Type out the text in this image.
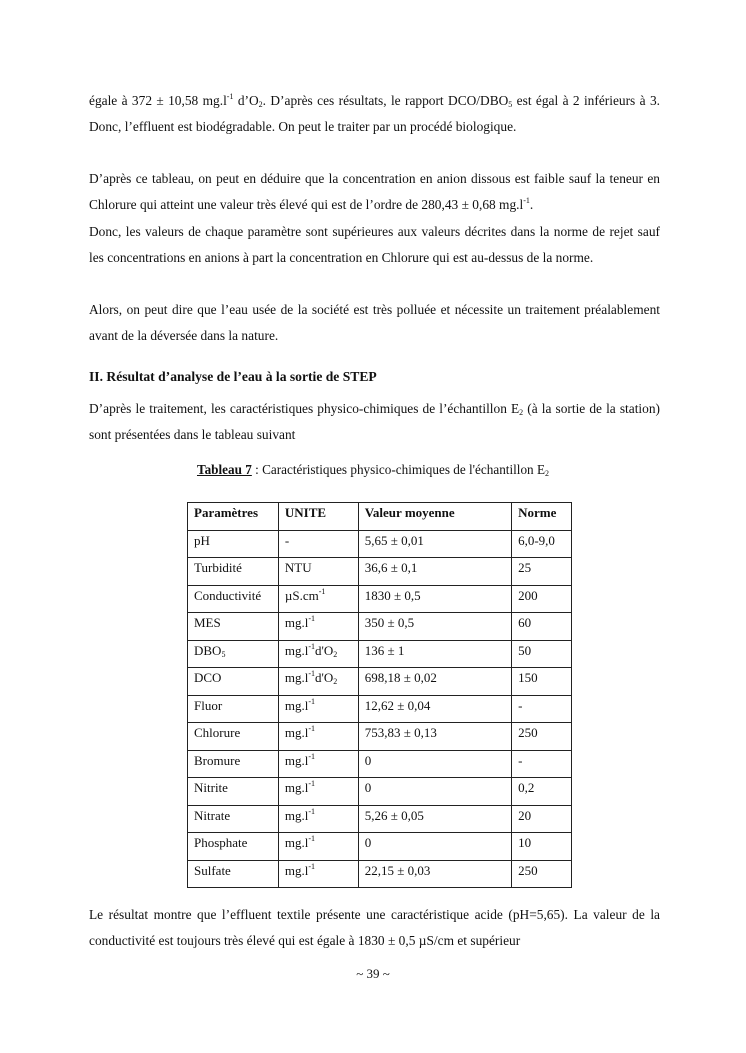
égale à 372 ± 10,58 $mg.l^{-1}$ $d’O_2$. D’après ces résultats, le rapport DCO/$DBO_5$ est égal à 2 inférieurs à 3. Donc, l’effluent est biodégradable. On peut le traiter par un procédé biologique.

D’après ce tableau, on peut en déduire que la concentration en anion dissous est faible sauf la teneur en Chlorure qui atteint une valeur très élevé qui est de l’ordre de 280,43 ± 0,68 $mg.l^{-1}$.

Donc, les valeurs de chaque paramètre sont supérieures aux valeurs décrites dans la norme de rejet sauf les concentrations en anions à part la concentration en Chlorure qui est au-dessus de la norme.

Alors, on peut dire que l’eau usée de la société est très polluée et nécessite un traitement préalablement avant de la déversée dans la nature.

II. Résultat d’analyse de l’eau à la sortie de STEP

D’après le traitement, les caractéristiques physico-chimiques de l’échantillon $E_2$ (à la sortie de la station) sont présentées dans le tableau suivant

Tableau 7 : Caractéristiques physico-chimiques de l'échantillon $E_2$
Paramètres	UNITE	Valeur moyenne	Norme
pH	-	5,65 ± 0,01	6,0-9,0
Turbidité	NTU	36,6 ± 0,1	25
Conductivité	$\mu S.cm^{-1}$	1830 ± 0,5	200
MES	$mg.l^{-1}$	350 ± 0,5	60
$DBO_5$	$mg.l^{-1}d'O_2$	136 ± 1	50
DCO	$mg.l^{-1}d'O_2$	698,18 ± 0,02	150
Fluor	$mg.l^{-1}$	12,62 ± 0,04	-
Chlorure	$mg.l^{-1}$	753,83 ± 0,13	250
Bromure	$mg.l^{-1}$	0	-
Nitrite	$mg.l^{-1}$	0	0,2
Nitrate	$mg.l^{-1}$	5,26 ± 0,05	20
Phosphate	$mg.l^{-1}$	0	10
Sulfate	$mg.l^{-1}$	22,15 ± 0,03	250

Le résultat montre que l’effluent textile présente une caractéristique acide (pH=5,65). La valeur de la conductivité est toujours très élevé qui est égale à 1830 ± 0,5 µS/cm et supérieur

~ 39 ~
